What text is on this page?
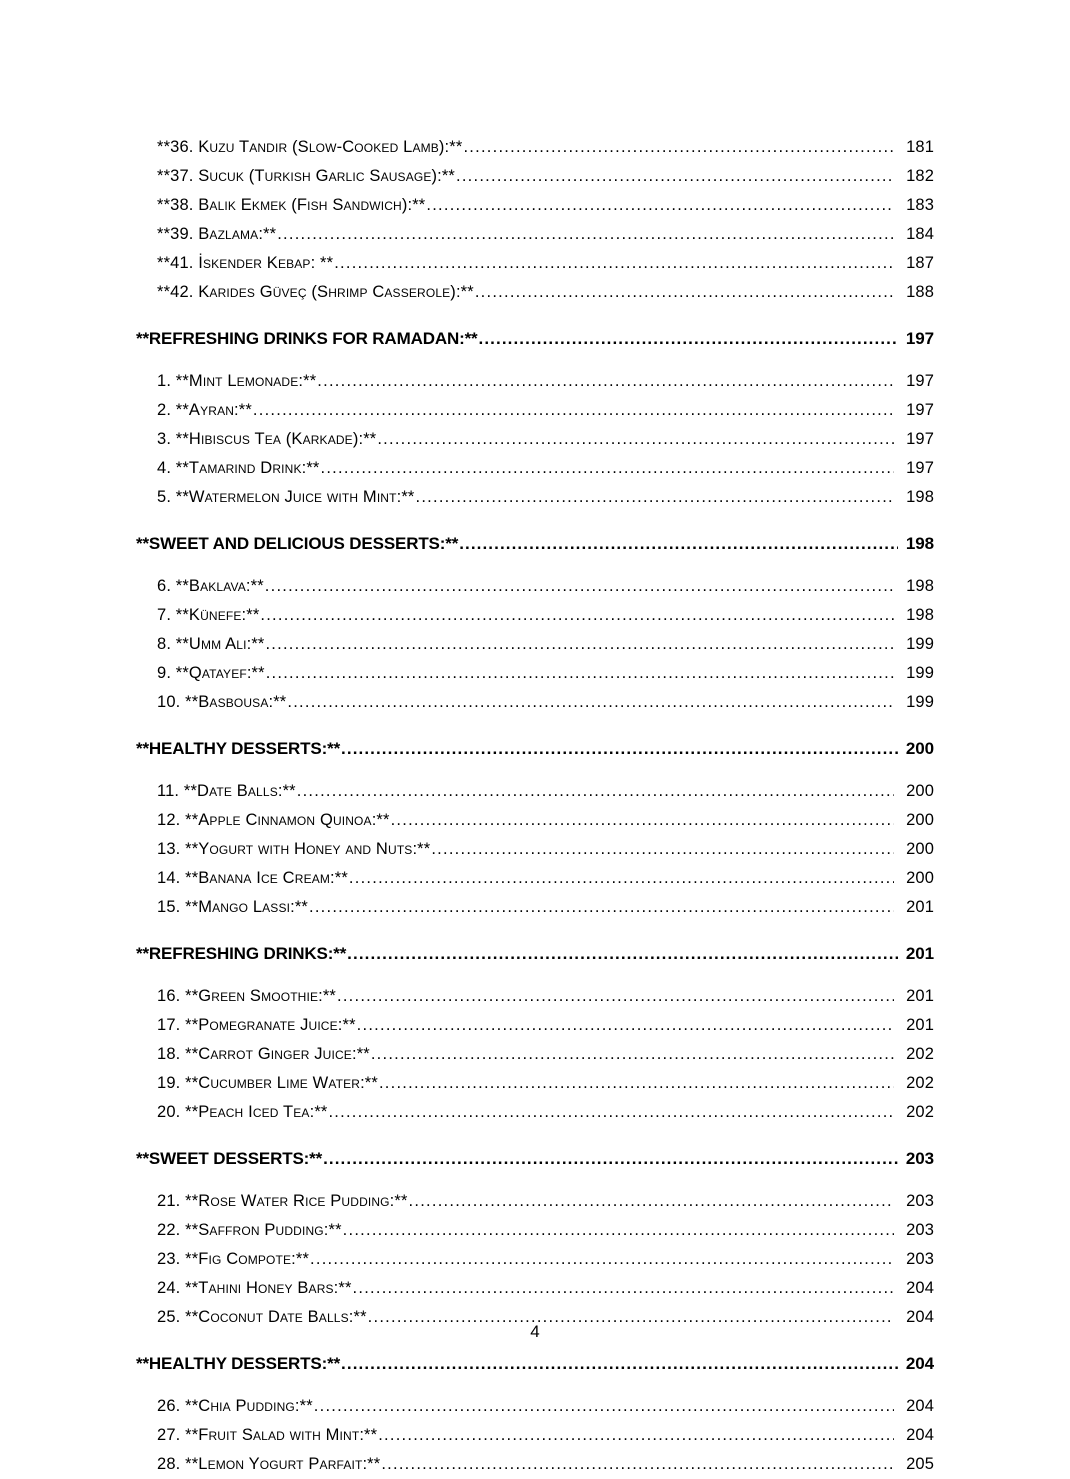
**36. Kuzu Tandır (Slow-Cooked Lamb):** .....	181
**37. Sucuk (Turkish Garlic Sausage):** .....	182
**38. Balık Ekmek (Fish Sandwich):** .....	183
**39. Bazlama:** .....	184
**41. İskender Kebap: ** .....	187
**42. Karides Güveç (Shrimp Casserole):** .....	188
**REFRESHING DRINKS FOR RAMADAN:** .....	197
1. **Mint Lemonade:** .....	197
2. **Ayran:** .....	197
3. **Hibiscus Tea (Karkade):** .....	197
4. **Tamarind Drink:** .....	197
5. **Watermelon Juice with Mint:** .....	198
**SWEET AND DELICIOUS DESSERTS:** .....	198
6. **Baklava:** .....	198
7. **Künefe:** .....	198
8. **Umm Ali:** .....	199
9. **Qatayef:** .....	199
10. **Basbousa:** .....	199
**HEALTHY DESSERTS:** .....	200
11. **Date Balls:** .....	200
12. **Apple Cinnamon Quinoa:** .....	200
13. **Yogurt with Honey and Nuts:** .....	200
14. **Banana Ice Cream:** .....	200
15. **Mango Lassi:** .....	201
**REFRESHING DRINKS:** .....	201
16. **Green Smoothie:** .....	201
17. **Pomegranate Juice:** .....	201
18. **Carrot Ginger Juice:** .....	202
19. **Cucumber Lime Water:** .....	202
20. **Peach Iced Tea:** .....	202
**SWEET DESSERTS:** .....	203
21. **Rose Water Rice Pudding:** .....	203
22. **Saffron Pudding:** .....	203
23. **Fig Compote:** .....	203
24. **Tahini Honey Bars:** .....	204
25. **Coconut Date Balls:** .....	204
**HEALTHY DESSERTS:** .....	204
26. **Chia Pudding:** .....	204
27. **Fruit Salad with Mint:** .....	204
28. **Lemon Yogurt Parfait:** .....	205
4
